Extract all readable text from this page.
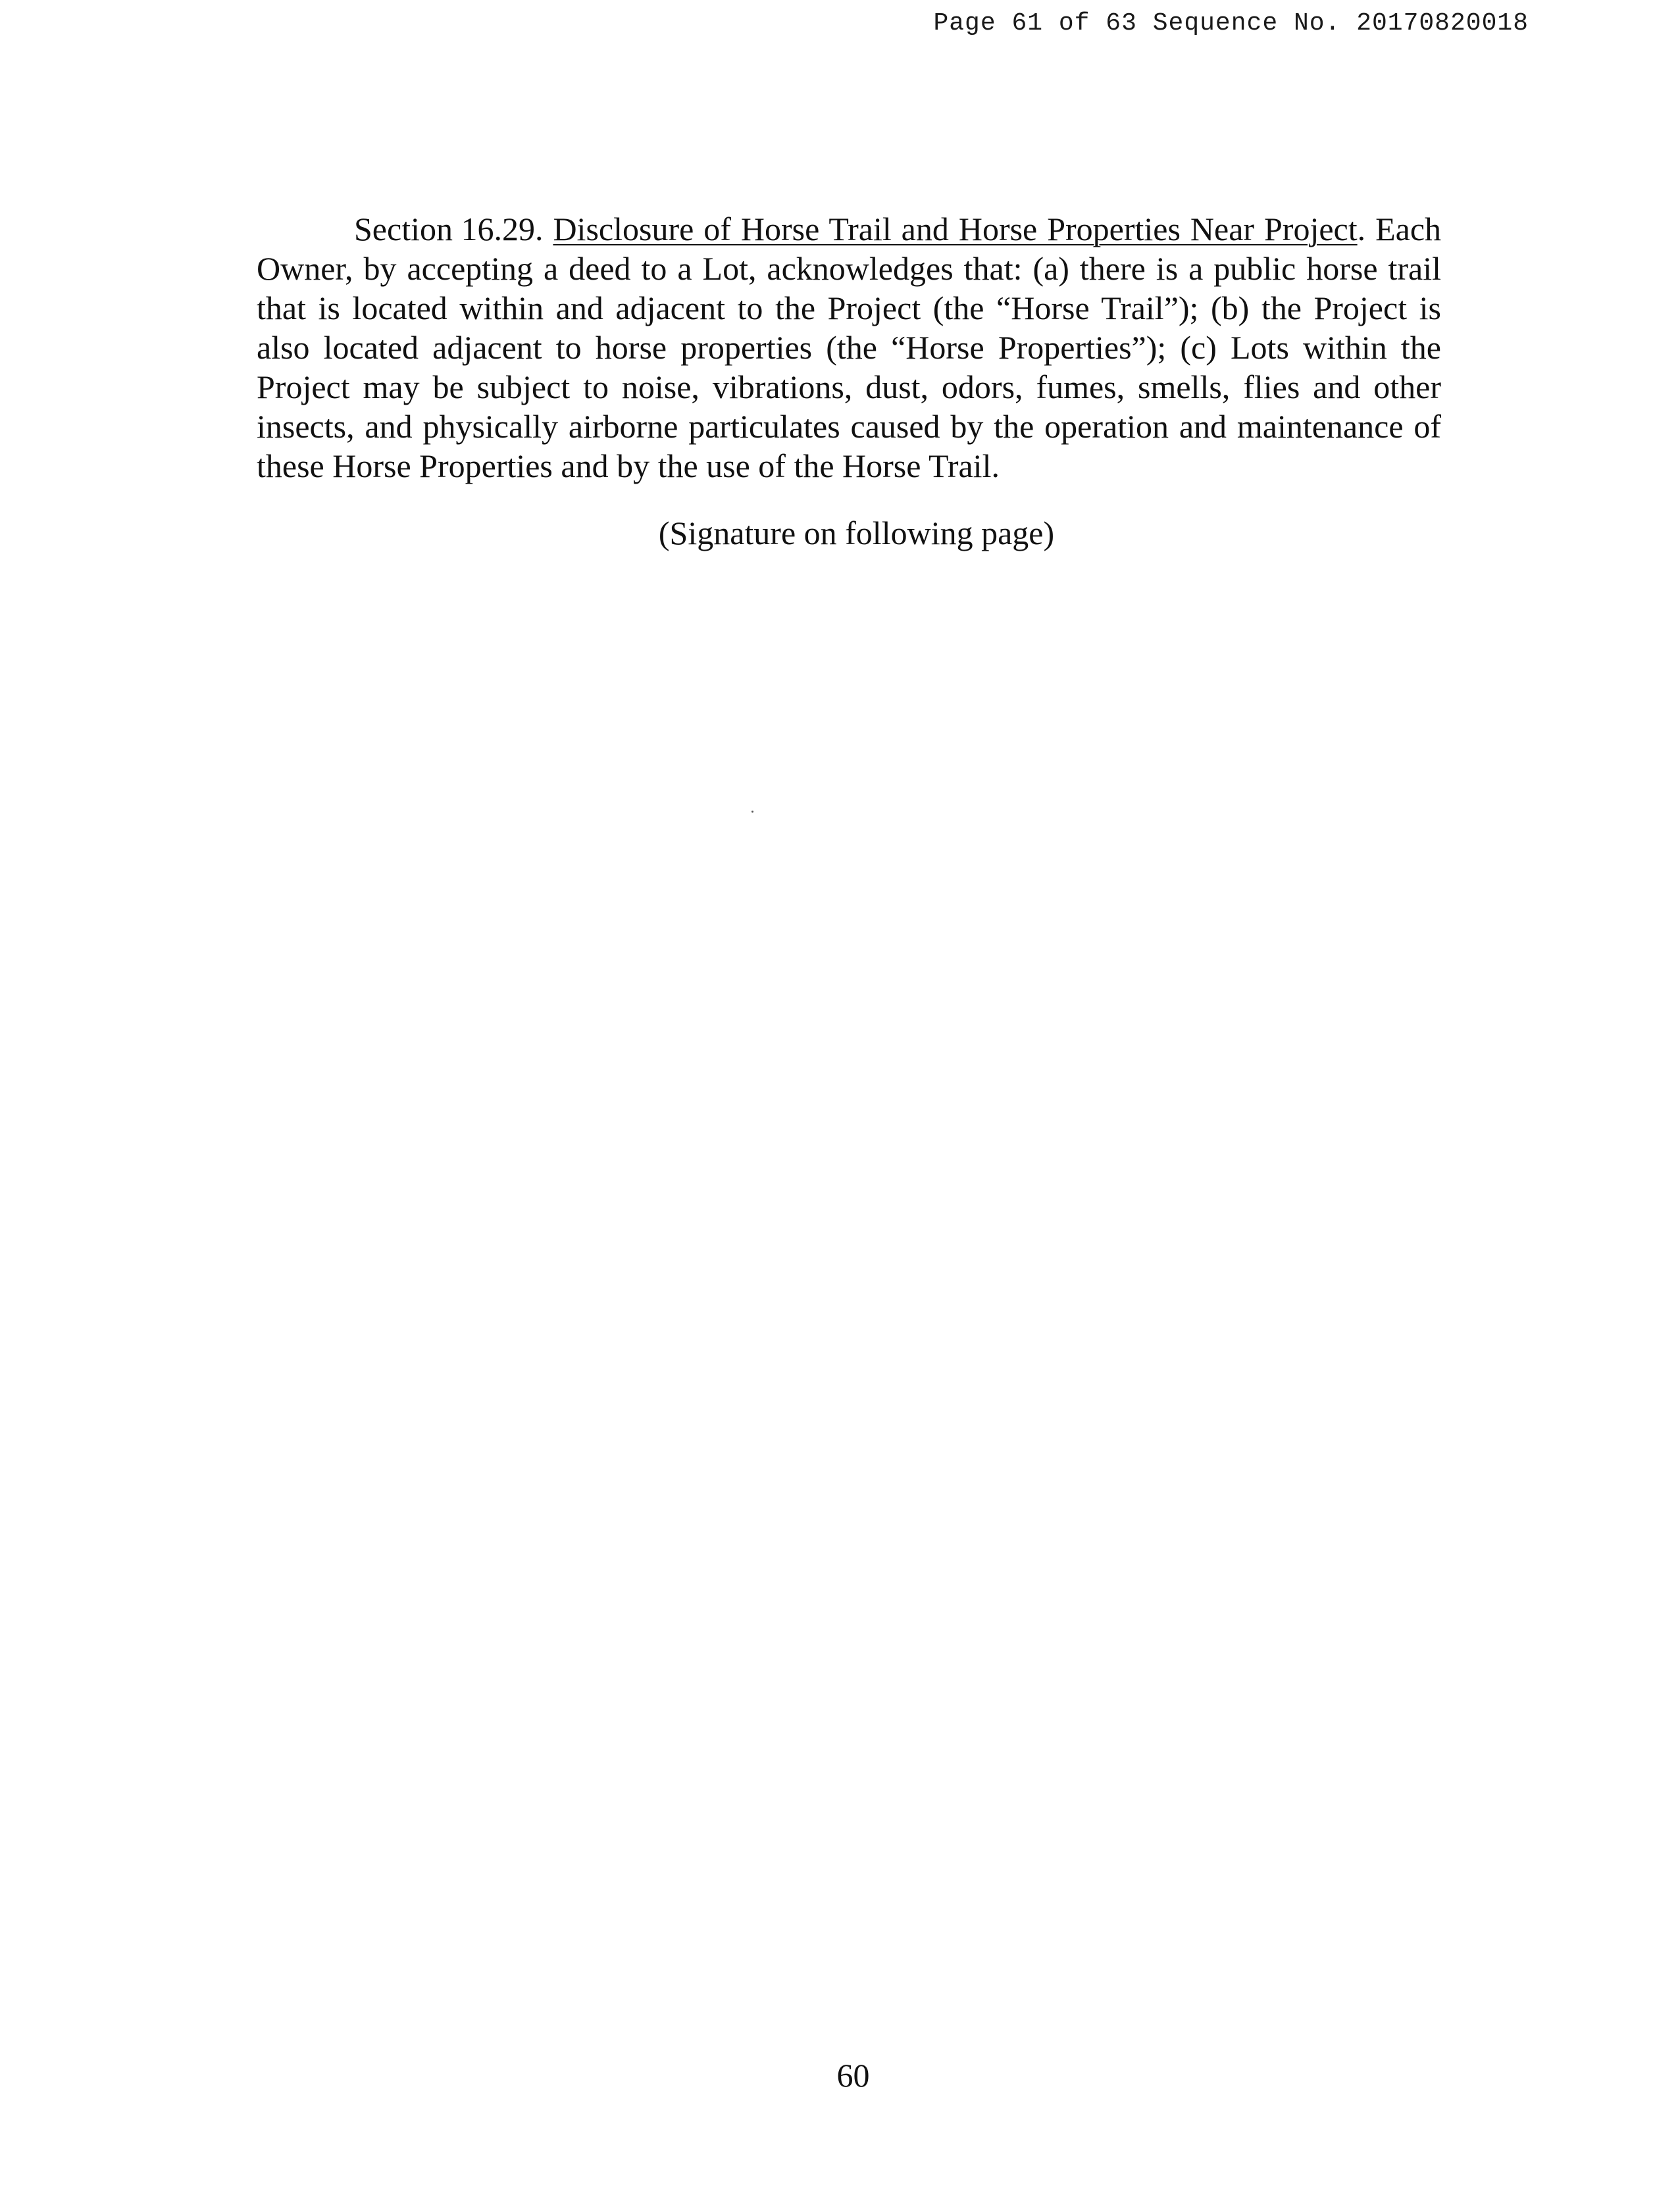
Page 61 of 63 Sequence No. 20170820018
Section 16.29. Disclosure of Horse Trail and Horse Properties Near Project. Each Owner, by accepting a deed to a Lot, acknowledges that: (a) there is a public horse trail that is located within and adjacent to the Project (the “Horse Trail”); (b) the Project is also located adjacent to horse properties (the “Horse Properties”); (c) Lots within the Project may be subject to noise, vibrations, dust, odors, fumes, smells, flies and other insects, and physically airborne particulates caused by the operation and maintenance of these Horse Properties and by the use of the Horse Trail.
(Signature on following page)
60
